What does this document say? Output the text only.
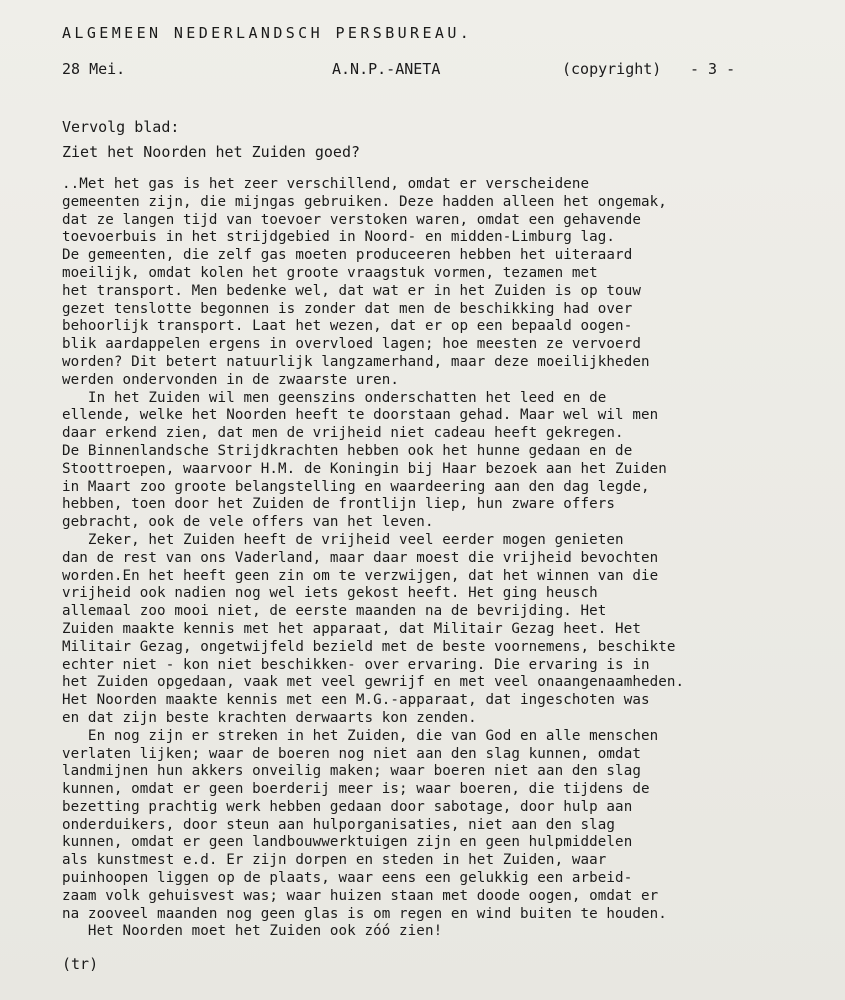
ALGEMEEN NEDERLANDSCH PERSBUREAU.

28 Mei.

	A.N.P.-ANETA

	(copyright)

- 3 -

Vervolg blad:
Ziet het Noorden het Zuiden goed?
..Met het gas is het zeer verschillend, omdat er verscheidene
gemeenten zijn, die mijngas gebruiken. Deze hadden alleen het ongemak,
dat ze langen tijd van toevoer verstoken waren, omdat een gehavende
toevoerbuis in het strijdgebied in Noord- en midden-Limburg lag.
De gemeenten, die zelf gas moeten produceeren hebben het uiteraard
moeilijk, omdat kolen het groote vraagstuk vormen, tezamen met
het transport. Men bedenke wel, dat wat er in het Zuiden is op touw
gezet tenslotte begonnen is zonder dat men de beschikking had over
behoorlijk transport. Laat het wezen, dat er op een bepaald oogen-
blik aardappelen ergens in overvloed lagen; hoe meesten ze vervoerd
worden? Dit betert natuurlijk langzamerhand, maar deze moeilijkheden
werden ondervonden in de zwaarste uren.
In het Zuiden wil men geenszins onderschatten het leed en de
ellende, welke het Noorden heeft te doorstaan gehad. Maar wel wil men
daar erkend zien, dat men de vrijheid niet cadeau heeft gekregen.
De Binnenlandsche Strijdkrachten hebben ook het hunne gedaan en de
Stoottroepen, waarvoor H.M. de Koningin bij Haar bezoek aan het Zuiden
in Maart zoo groote belangstelling en waardeering aan den dag legde,
hebben, toen door het Zuiden de frontlijn liep, hun zware offers
gebracht, ook de vele offers van het leven.
Zeker, het Zuiden heeft de vrijheid veel eerder mogen genieten
dan de rest van ons Vaderland, maar daar moest die vrijheid bevochten
worden.En het heeft geen zin om te verzwijgen, dat het winnen van die
vrijheid ook nadien nog wel iets gekost heeft. Het ging heusch
allemaal zoo mooi niet, de eerste maanden na de bevrijding. Het
Zuiden maakte kennis met het apparaat, dat Militair Gezag heet. Het
Militair Gezag, ongetwijfeld bezield met de beste voornemens, beschikte
echter niet - kon niet beschikken- over ervaring. Die ervaring is in
het Zuiden opgedaan, vaak met veel gewrijf en met veel onaangenaamheden.
Het Noorden maakte kennis met een M.G.-apparaat, dat ingeschoten was
en dat zijn beste krachten derwaarts kon zenden.
En nog zijn er streken in het Zuiden, die van God en alle menschen
verlaten lijken; waar de boeren nog niet aan den slag kunnen, omdat
landmijnen hun akkers onveilig maken; waar boeren niet aan den slag
kunnen, omdat er geen boerderij meer is; waar boeren, die tijdens de
bezetting prachtig werk hebben gedaan door sabotage, door hulp aan
onderduikers, door steun aan hulporganisaties, niet aan den slag
kunnen, omdat er geen landbouwwerktuigen zijn en geen hulpmiddelen
als kunstmest e.d. Er zijn dorpen en steden in het Zuiden, waar
puinhoopen liggen op de plaats, waar eens een gelukkig een arbeid-
zaam volk gehuisvest was; waar huizen staan met doode oogen, omdat er
na zooveel maanden nog geen glas is om regen en wind buiten te houden.
Het Noorden moet het Zuiden ook zóó zien!
(tr)
